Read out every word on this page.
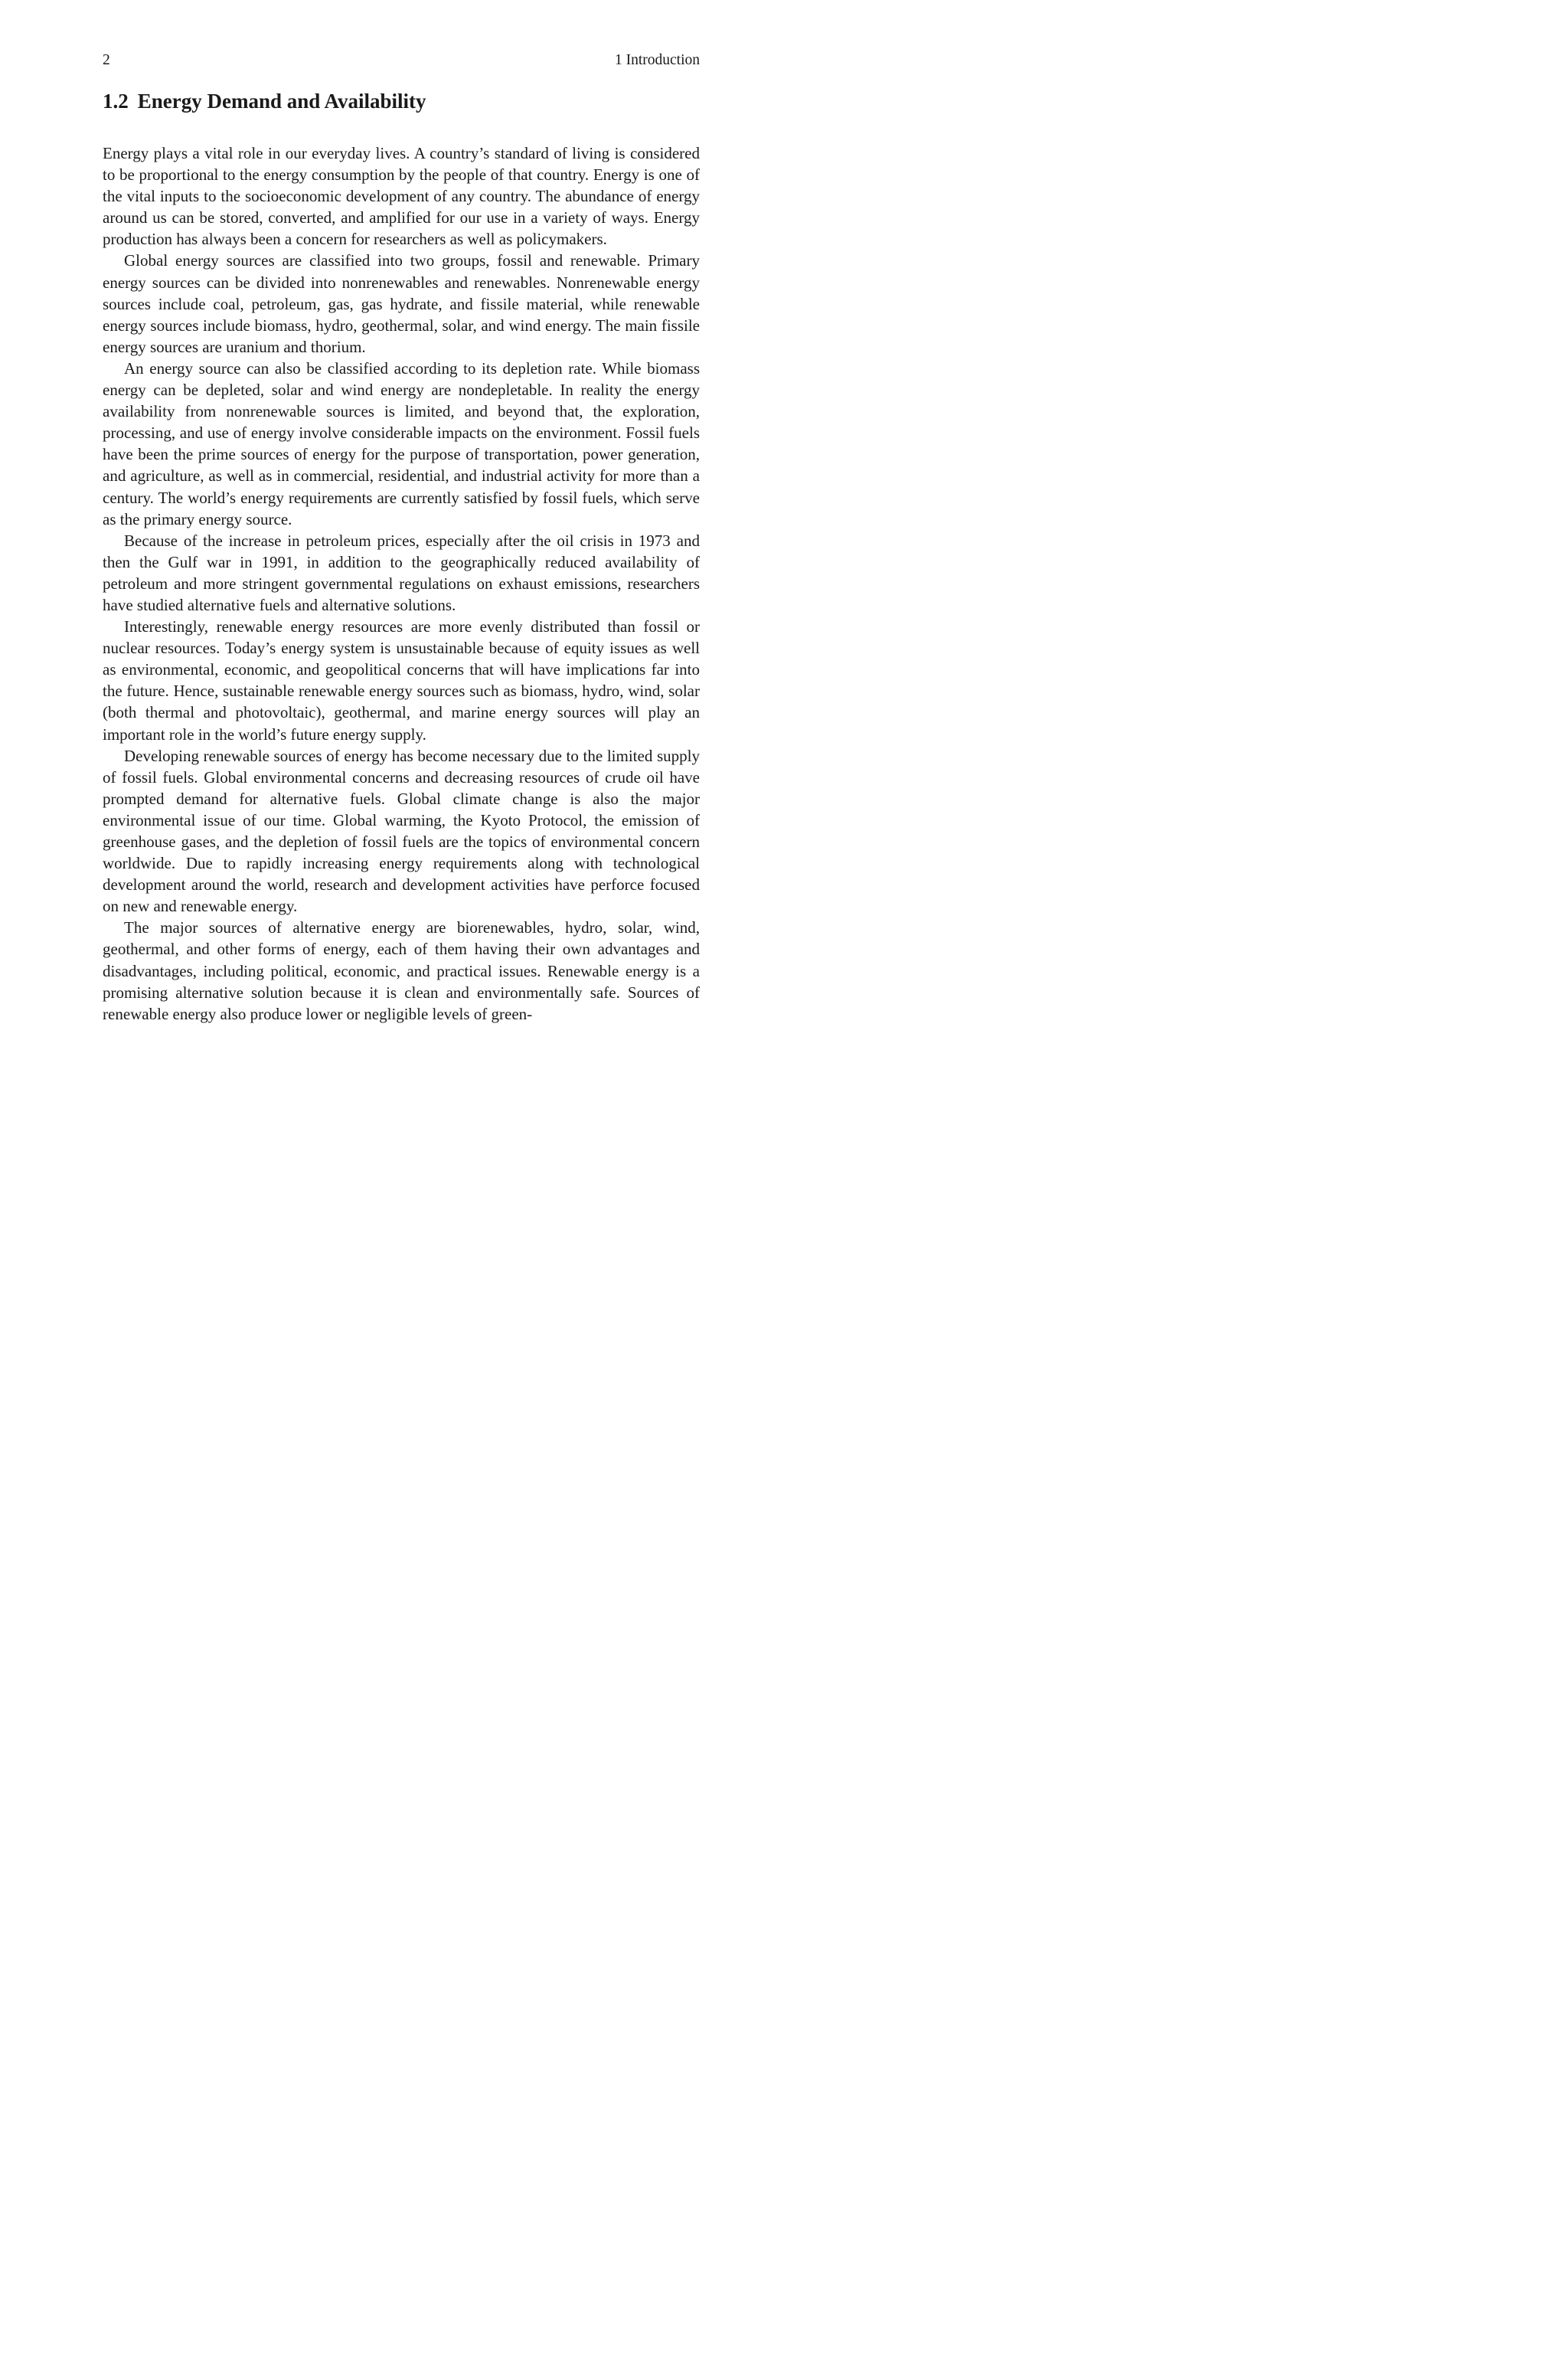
2	1 Introduction
1.2 Energy Demand and Availability

Energy plays a vital role in our everyday lives. A country’s standard of living is considered to be proportional to the energy consumption by the people of that country. Energy is one of the vital inputs to the socioeconomic development of any country. The abundance of energy around us can be stored, converted, and amplified for our use in a variety of ways. Energy production has always been a concern for researchers as well as policymakers.

Global energy sources are classified into two groups, fossil and renewable. Primary energy sources can be divided into nonrenewables and renewables. Nonrenewable energy sources include coal, petroleum, gas, gas hydrate, and fissile material, while renewable energy sources include biomass, hydro, geothermal, solar, and wind energy. The main fissile energy sources are uranium and thorium.

An energy source can also be classified according to its depletion rate. While biomass energy can be depleted, solar and wind energy are nondepletable. In reality the energy availability from nonrenewable sources is limited, and beyond that, the exploration, processing, and use of energy involve considerable impacts on the environment. Fossil fuels have been the prime sources of energy for the purpose of transportation, power generation, and agriculture, as well as in commercial, residential, and industrial activity for more than a century. The world’s energy requirements are currently satisfied by fossil fuels, which serve as the primary energy source.

Because of the increase in petroleum prices, especially after the oil crisis in 1973 and then the Gulf war in 1991, in addition to the geographically reduced availability of petroleum and more stringent governmental regulations on exhaust emissions, researchers have studied alternative fuels and alternative solutions.

Interestingly, renewable energy resources are more evenly distributed than fossil or nuclear resources. Today’s energy system is unsustainable because of equity issues as well as environmental, economic, and geopolitical concerns that will have implications far into the future. Hence, sustainable renewable energy sources such as biomass, hydro, wind, solar (both thermal and photovoltaic), geothermal, and marine energy sources will play an important role in the world’s future energy supply.

Developing renewable sources of energy has become necessary due to the limited supply of fossil fuels. Global environmental concerns and decreasing resources of crude oil have prompted demand for alternative fuels. Global climate change is also the major environmental issue of our time. Global warming, the Kyoto Protocol, the emission of greenhouse gases, and the depletion of fossil fuels are the topics of environmental concern worldwide. Due to rapidly increasing energy requirements along with technological development around the world, research and development activities have perforce focused on new and renewable energy.

The major sources of alternative energy are biorenewables, hydro, solar, wind, geothermal, and other forms of energy, each of them having their own advantages and disadvantages, including political, economic, and practical issues. Renewable energy is a promising alternative solution because it is clean and environmentally safe. Sources of renewable energy also produce lower or negligible levels of green-
